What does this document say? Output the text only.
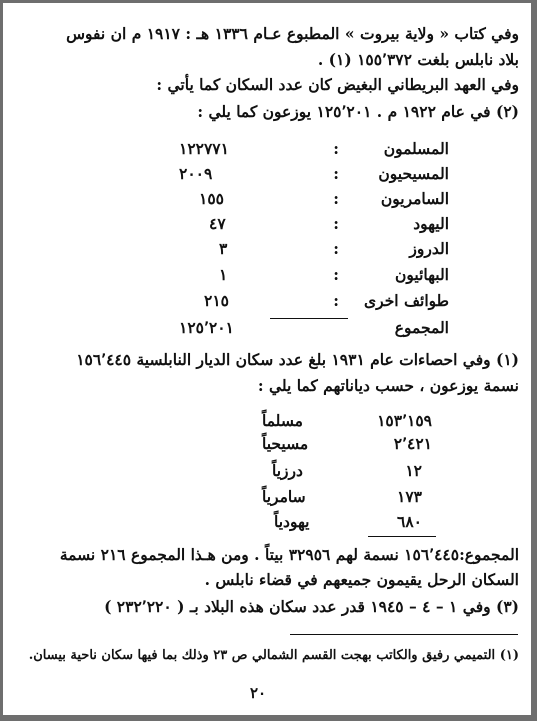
وفي كتاب « ولاية بيروت » المطبوع عـام ١٣٣٦ هـ : ١٩١٧ م ان نفوس
بلاد نابلس بلغت ١٥٥٬٣٧٢ (١) .
وفي العهد البريطاني البغيض كان عدد السكان كما يأتي :
(٢) في عام ١٩٢٢ م . ١٢٥٬٢٠١ يوزعون كما يلي :
المسلمون
:
١٢٢٧٧١
المسيحيون
:
٢٠٠٩
السامريون
:
١٥٥
اليهود
:
٤٧
الدروز
:
٣
البهائيون
:
١
طوائف اخرى
:
٢١٥
المجموع
١٢٥٬٢٠١
(١) وفي احصاءات عام ١٩٣١ بلغ عدد سكان الديار النابلسية ١٥٦٬٤٤٥
نسمة يوزعون ، حسب دياناتهم كما يلي :
١٥٣٬١٥٩
مسلماً
٢٬٤٢١
مسيحياً
١٢
درزياً
١٧٣
سامرياً
٦٨٠
يهودياً
المجموع:١٥٦٬٤٤٥ نسمة لهم ٣٢٩٥٦ بيتاً . ومن هـذا المجموع ٢١٦ نسمة
السكان الرحل يقيمون جميعهم في قضاء نابلس .
(٣) وفي ١ – ٤ – ١٩٤٥ قدر عدد سكان هذه البلاد بـ ( ٢٣٢٬٢٢٠ )
(١) التميمي رفيق والكاتب بهجت القسم الشمالي ص ٢٣ وذلك بما فيها سكان ناحية بيسان.
٢٠
